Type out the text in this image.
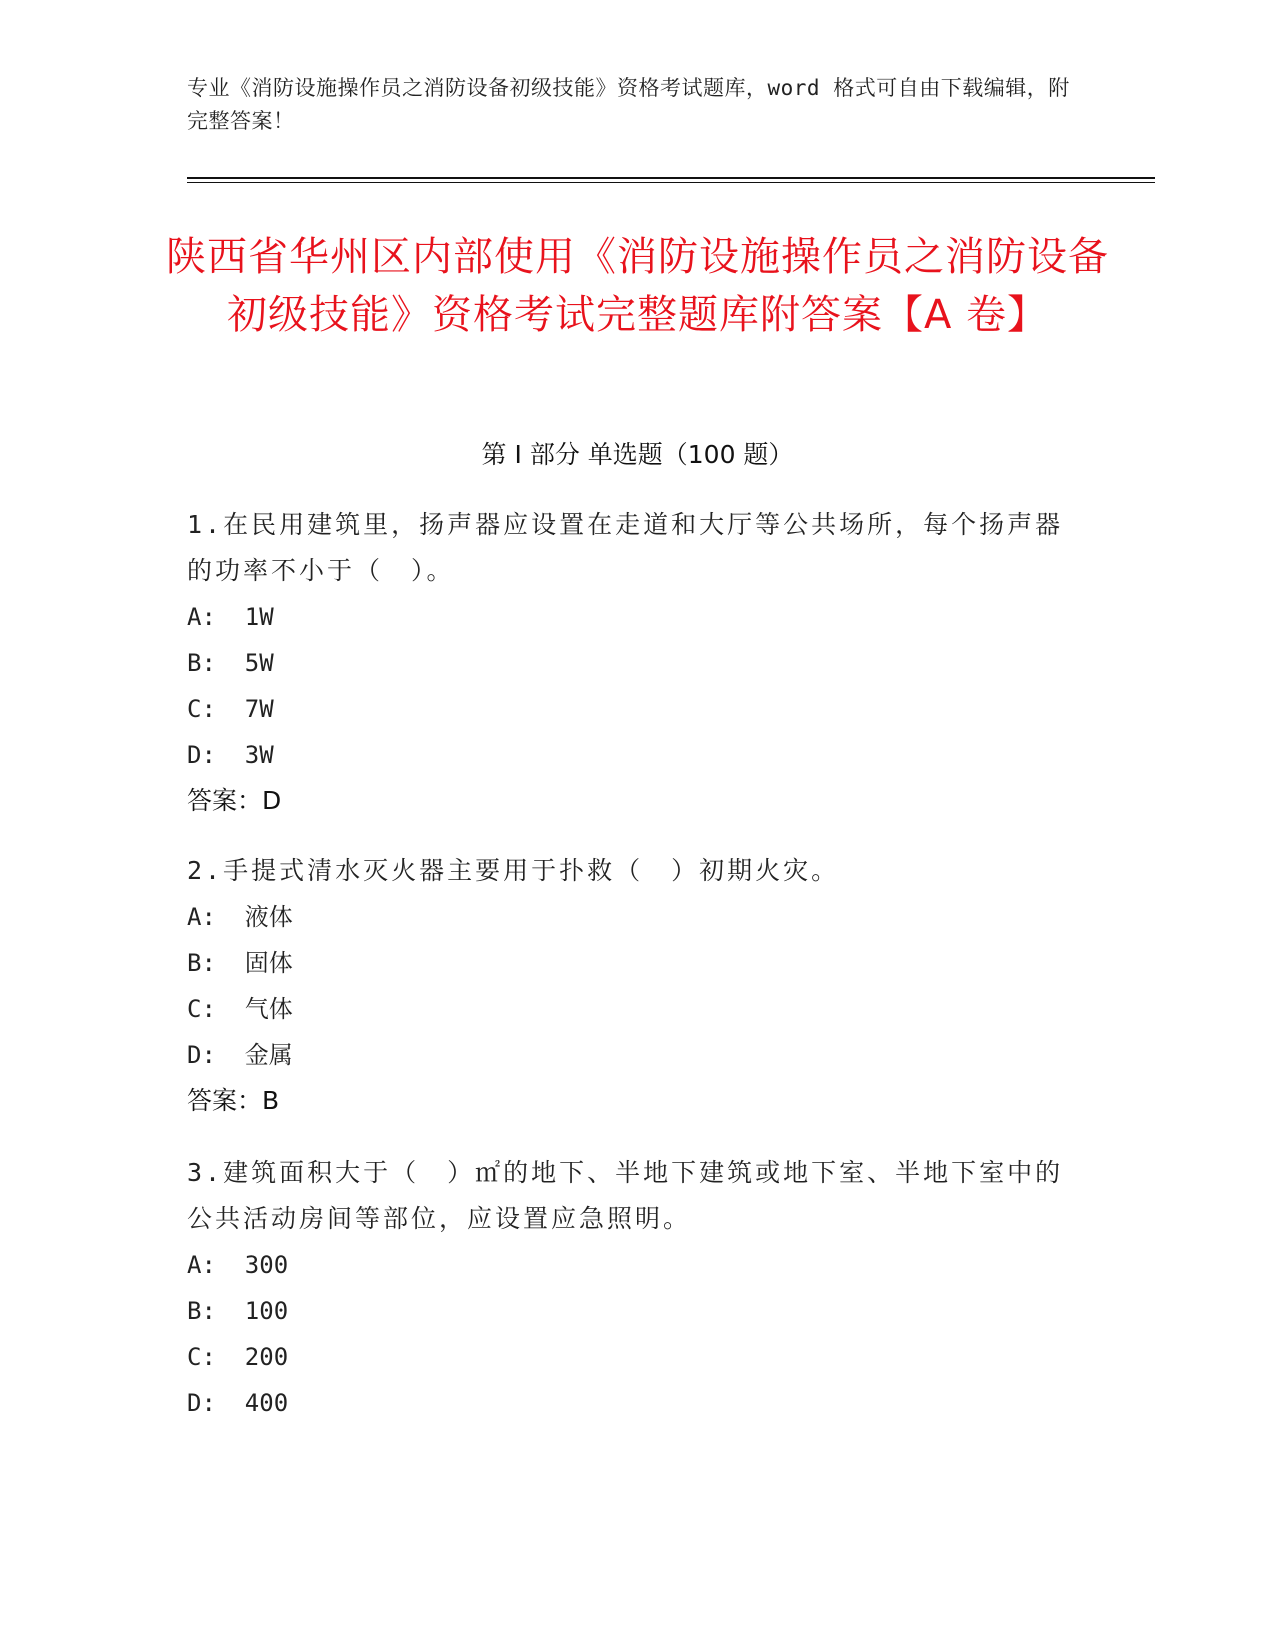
专业《消防设施操作员之消防设备初级技能》资格考试题库，word 格式可自由下载编辑，附完整答案！
陕西省华州区内部使用《消防设施操作员之消防设备初级技能》资格考试完整题库附答案【A 卷】
第 I 部分 单选题（100 题）

1.在民用建筑里，扬声器应设置在走道和大厅等公共场所，每个扬声器的功率不小于（　）。

A:  1W

B:  5W

C:  7W

D:  3W

答案：D

2.手提式清水灭火器主要用于扑救（　）初期火灾。

A:  液体

B:  固体

C:  气体

D:  金属

答案：B

3.建筑面积大于（　）㎡的地下、半地下建筑或地下室、半地下室中的公共活动房间等部位，应设置应急照明。

A:  300

B:  100

C:  200

D:  400
